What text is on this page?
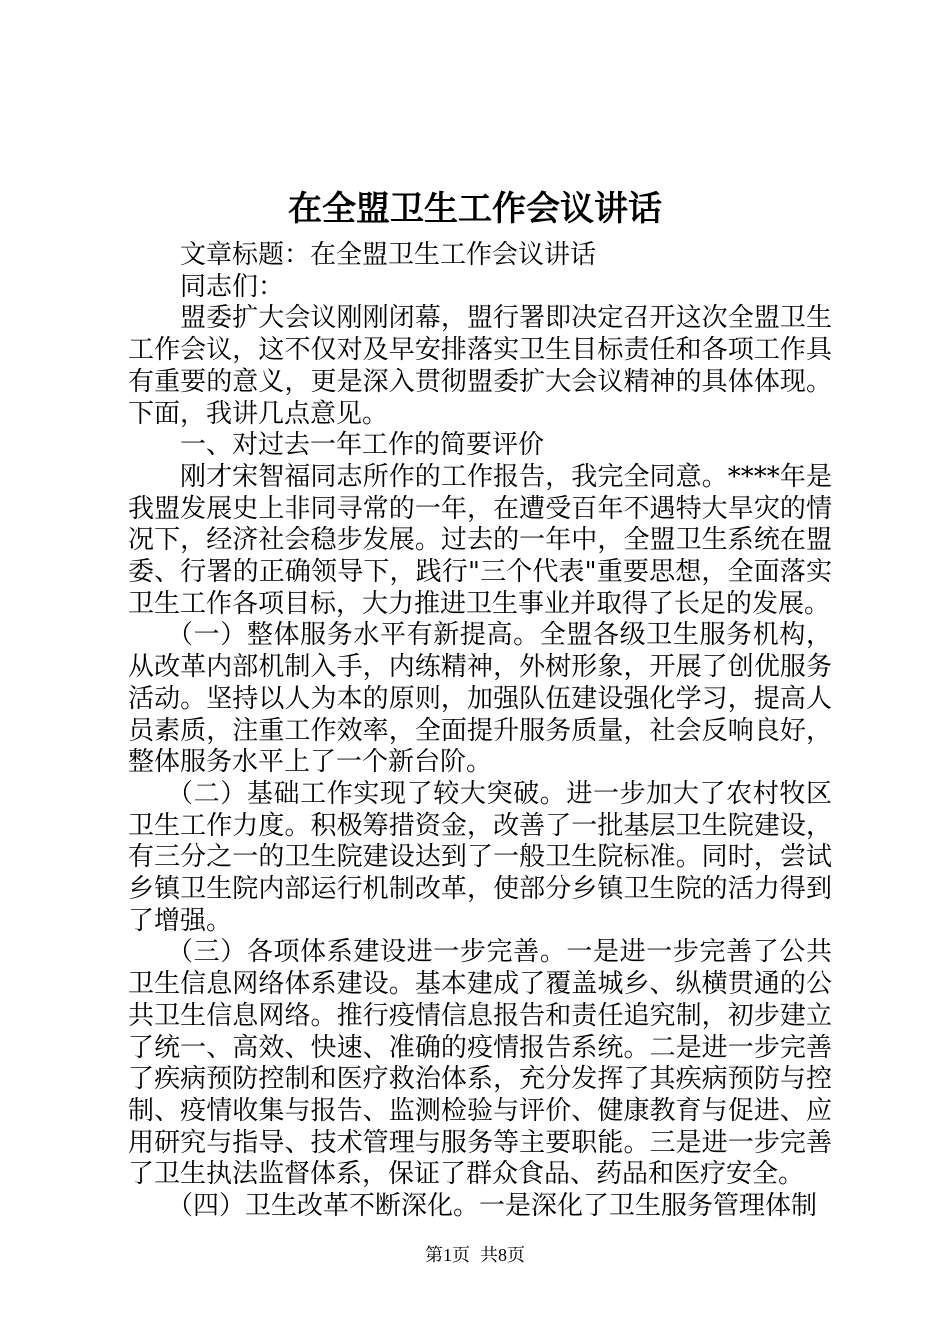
在全盟卫生工作会议讲话

文章标题：在全盟卫生工作会议讲话

同志们：

盟委扩大会议刚刚闭幕，盟行署即决定召开这次全盟卫生工作会议，这不仅对及早安排落实卫生目标责任和各项工作具有重要的意义，更是深入贯彻盟委扩大会议精神的具体体现。下面，我讲几点意见。

一、对过去一年工作的简要评价

刚才宋智福同志所作的工作报告，我完全同意。****年是我盟发展史上非同寻常的一年，在遭受百年不遇特大旱灾的情况下，经济社会稳步发展。过去的一年中，全盟卫生系统在盟委、行署的正确领导下，践行"三个代表"重要思想，全面落实卫生工作各项目标，大力推进卫生事业并取得了长足的发展。

（一）整体服务水平有新提高。全盟各级卫生服务机构，从改革内部机制入手，内练精神，外树形象，开展了创优服务活动。坚持以人为本的原则，加强队伍建设强化学习，提高人员素质，注重工作效率，全面提升服务质量，社会反响良好，整体服务水平上了一个新台阶。

（二）基础工作实现了较大突破。进一步加大了农村牧区卫生工作力度。积极筹措资金，改善了一批基层卫生院建设，有三分之一的卫生院建设达到了一般卫生院标准。同时，尝试乡镇卫生院内部运行机制改革，使部分乡镇卫生院的活力得到了增强。

（三）各项体系建设进一步完善。一是进一步完善了公共卫生信息网络体系建设。基本建成了覆盖城乡、纵横贯通的公共卫生信息网络。推行疫情信息报告和责任追究制，初步建立了统一、高效、快速、准确的疫情报告系统。二是进一步完善了疾病预防控制和医疗救治体系，充分发挥了其疾病预防与控制、疫情收集与报告、监测检验与评价、健康教育与促进、应用研究与指导、技术管理与服务等主要职能。三是进一步完善了卫生执法监督体系，保证了群众食品、药品和医疗安全。

（四）卫生改革不断深化。一是深化了卫生服务管理体制

第1页 共8页
